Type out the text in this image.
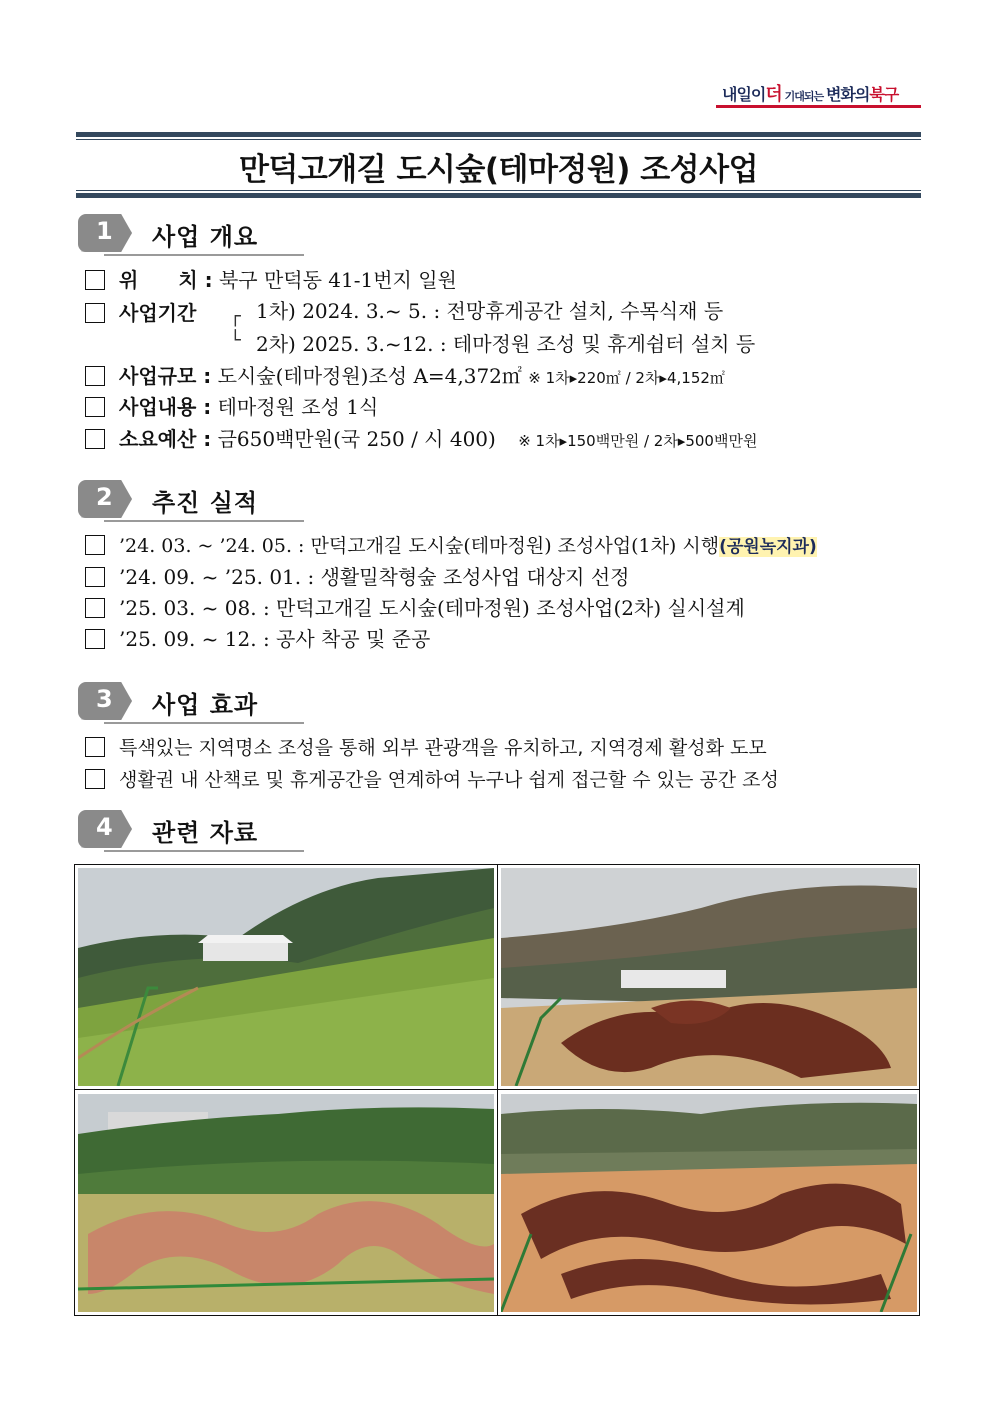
내일이더 기대되는 변화의북구
만덕고개길 도시숲(테마정원) 조성사업
1 사업 개요
위　　치 : 북구 만덕동 41-1번지 일원
사업기간 ┌
└
1차) 2024. 3.~ 5. : 전망휴게공간 설치, 수목식재 등
2차) 2025. 3.~12. : 테마정원 조성 및 휴게쉼터 설치 등
사업규모 : 도시숲(테마정원)조성 A=4,372㎡ ※ 1차▸220㎡ / 2차▸4,152㎡
사업내용 : 테마정원 조성 1식
소요예산 : 금650백만원(국 250 / 시 400) ※ 1차▸150백만원 / 2차▸500백만원
2 추진 실적
’24. 03. ~ ’24. 05. : 만덕고개길 도시숲(테마정원) 조성사업(1차) 시행(공원녹지과)
’24. 09. ~ ’25. 01. : 생활밀착형숲 조성사업 대상지 선정
’25. 03. ~ 08. : 만덕고개길 도시숲(테마정원) 조성사업(2차) 실시설계
’25. 09. ~ 12. : 공사 착공 및 준공
3 사업 효과
특색있는 지역명소 조성을 통해 외부 관광객을 유치하고, 지역경제 활성화 도모
생활권 내 산책로 및 휴게공간을 연계하여 누구나 쉽게 접근할 수 있는 공간 조성
4 관련 자료
